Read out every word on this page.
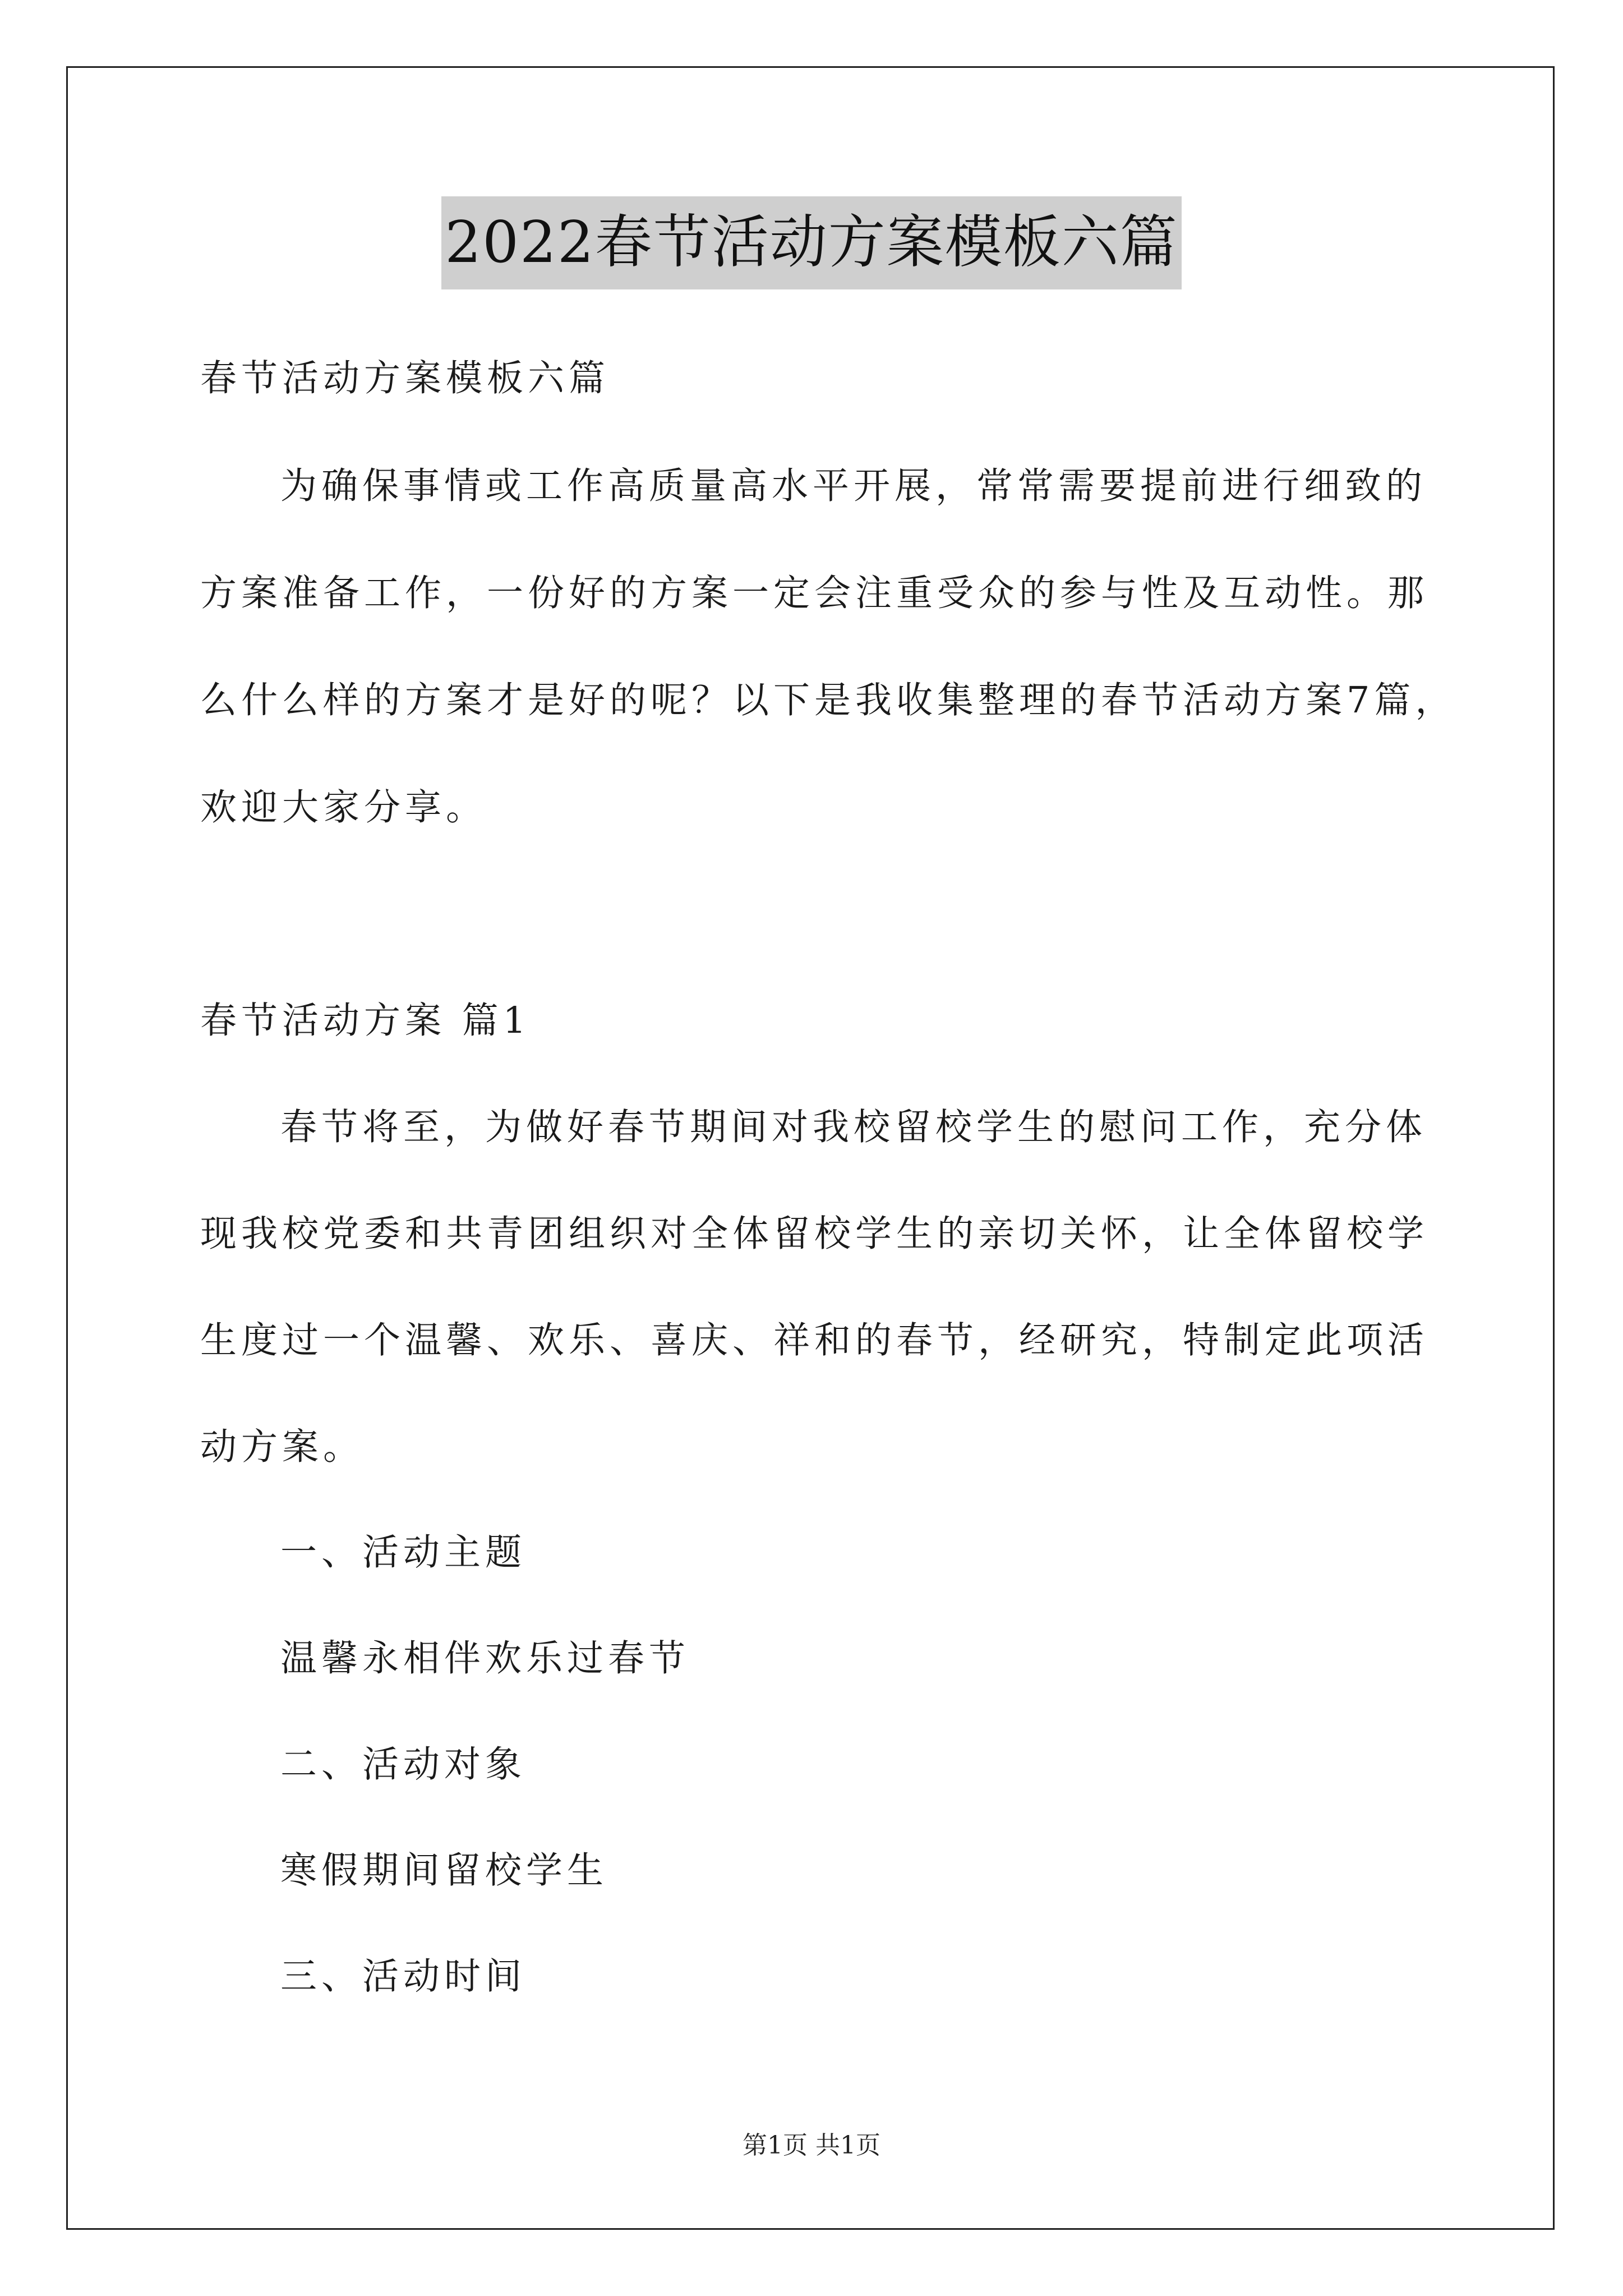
2022春节活动方案模板六篇
春节活动方案模板六篇
为确保事情或工作高质量高水平开展，常常需要提前进行细致的
方案准备工作，一份好的方案一定会注重受众的参与性及互动性。那
么什么样的方案才是好的呢？以下是我收集整理的春节活动方案7篇，
欢迎大家分享。
春节活动方案 篇1
春节将至，为做好春节期间对我校留校学生的慰问工作，充分体
现我校党委和共青团组织对全体留校学生的亲切关怀，让全体留校学
生度过一个温馨、欢乐、喜庆、祥和的春节，经研究，特制定此项活
动方案。
一、活动主题
温馨永相伴欢乐过春节
二、活动对象
寒假期间留校学生
三、活动时间
第1页 共1页
